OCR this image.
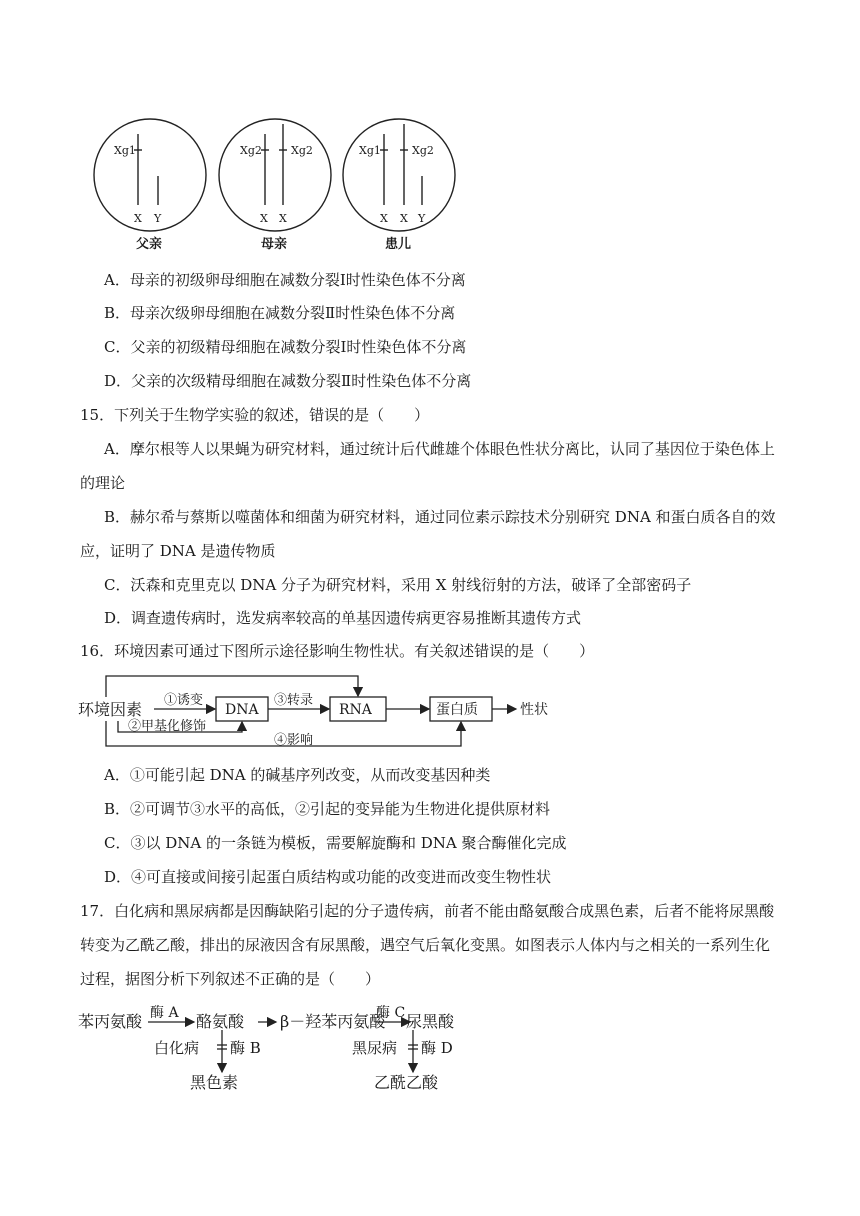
Xg1
X Y
Xg2	Xg2
X X
Xg1	Xg2
X X Y
父亲	母亲	患儿
A．母亲的初级卵母细胞在减数分裂Ⅰ时性染色体不分离
B．母亲次级卵母细胞在减数分裂Ⅱ时性染色体不分离
C．父亲的初级精母细胞在减数分裂Ⅰ时性染色体不分离
D．父亲的次级精母细胞在减数分裂Ⅱ时性染色体不分离
15．下列关于生物学实验的叙述，错误的是（　　）
A．摩尔根等人以果蝇为研究材料，通过统计后代雌雄个体眼色性状分离比，认同了基因位于染色体上
的理论
B．赫尔希与蔡斯以噬菌体和细菌为研究材料，通过同位素示踪技术分别研究 DNA 和蛋白质各自的效
应，证明了 DNA 是遗传物质
C．沃森和克里克以 DNA 分子为研究材料，采用 X 射线衍射的方法，破译了全部密码子
D．调查遗传病时，选发病率较高的单基因遗传病更容易推断其遗传方式
16．环境因素可通过下图所示途径影响生物性状。有关叙述错误的是（　　）
环境因素	DNA	RNA	蛋白质	性状
①诱变	③转录
②甲基化修饰
④影响
A．①可能引起 DNA 的碱基序列改变，从而改变基因种类
B．②可调节③水平的高低，②引起的变异能为生物进化提供原材料
C．③以 DNA 的一条链为模板，需要解旋酶和 DNA 聚合酶催化完成
D．④可直接或间接引起蛋白质结构或功能的改变进而改变生物性状
17．白化病和黑尿病都是因酶缺陷引起的分子遗传病，前者不能由酪氨酸合成黑色素，后者不能将尿黑酸
转变为乙酰乙酸，排出的尿液因含有尿黑酸，遇空气后氧化变黑。如图表示人体内与之相关的一系列生化
过程，据图分析下列叙述不正确的是（　　）
苯丙氨酸 酶 A 酪氨酸 β－羟苯丙氨酸
酶 C 尿黑酸
白化病 酶 B	黑尿病 酶 D
黑色素	乙酰乙酸
